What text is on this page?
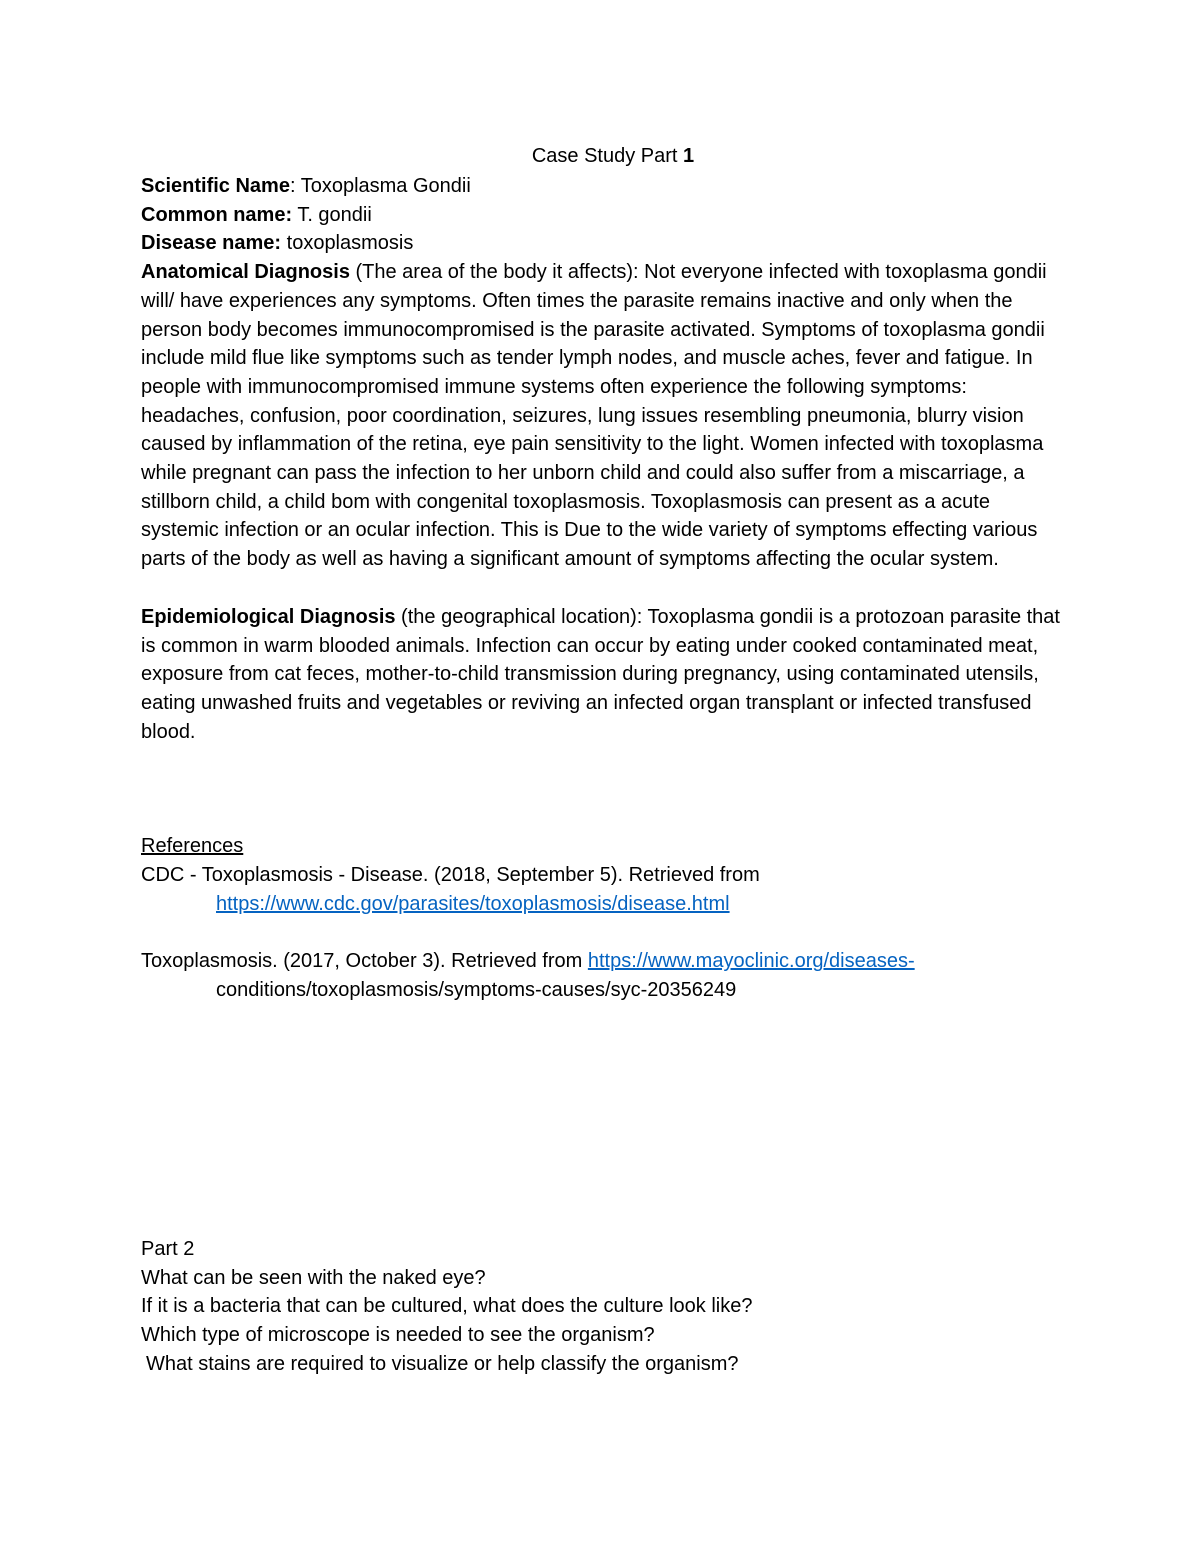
Case Study Part 1

Scientific Name: Toxoplasma Gondii

Common name: T. gondii

Disease name: toxoplasmosis

Anatomical Diagnosis (The area of the body it affects): Not everyone infected with toxoplasma gondii will/ have experiences any symptoms. Often times the parasite remains inactive and only when the person body becomes immunocompromised is the parasite activated. Symptoms of toxoplasma gondii include mild flue like symptoms such as tender lymph nodes, and muscle aches, fever and fatigue. In people with immunocompromised immune systems often experience the following symptoms: headaches, confusion, poor coordination, seizures, lung issues resembling pneumonia, blurry vision caused by inflammation of the retina, eye pain sensitivity to the light. Women infected with toxoplasma while pregnant can pass the infection to her unborn child and could also suffer from a miscarriage, a stillborn child, a child bom with congenital toxoplasmosis. Toxoplasmosis can present as a acute systemic infection or an ocular infection. This is Due to the wide variety of symptoms effecting various parts of the body as well as having a significant amount of symptoms affecting the ocular system.

Epidemiological Diagnosis (the geographical location): Toxoplasma gondii is a protozoan parasite that is common in warm blooded animals. Infection can occur by eating under cooked contaminated meat, exposure from cat feces, mother-to-child transmission during pregnancy, using contaminated utensils, eating unwashed fruits and vegetables or reviving an infected organ transplant or infected transfused blood.

References

CDC - Toxoplasmosis - Disease. (2018, September 5). Retrieved from
https://www.cdc.gov/parasites/toxoplasmosis/disease.html

Toxoplasmosis. (2017, October 3). Retrieved from https://www.mayoclinic.org/diseases-
conditions/toxoplasmosis/symptoms-causes/syc-20356249

Part 2

What can be seen with the naked eye?

If it is a bacteria that can be cultured, what does the culture look like?

Which type of microscope is needed to see the organism?

What stains are required to visualize or help classify the organism?
